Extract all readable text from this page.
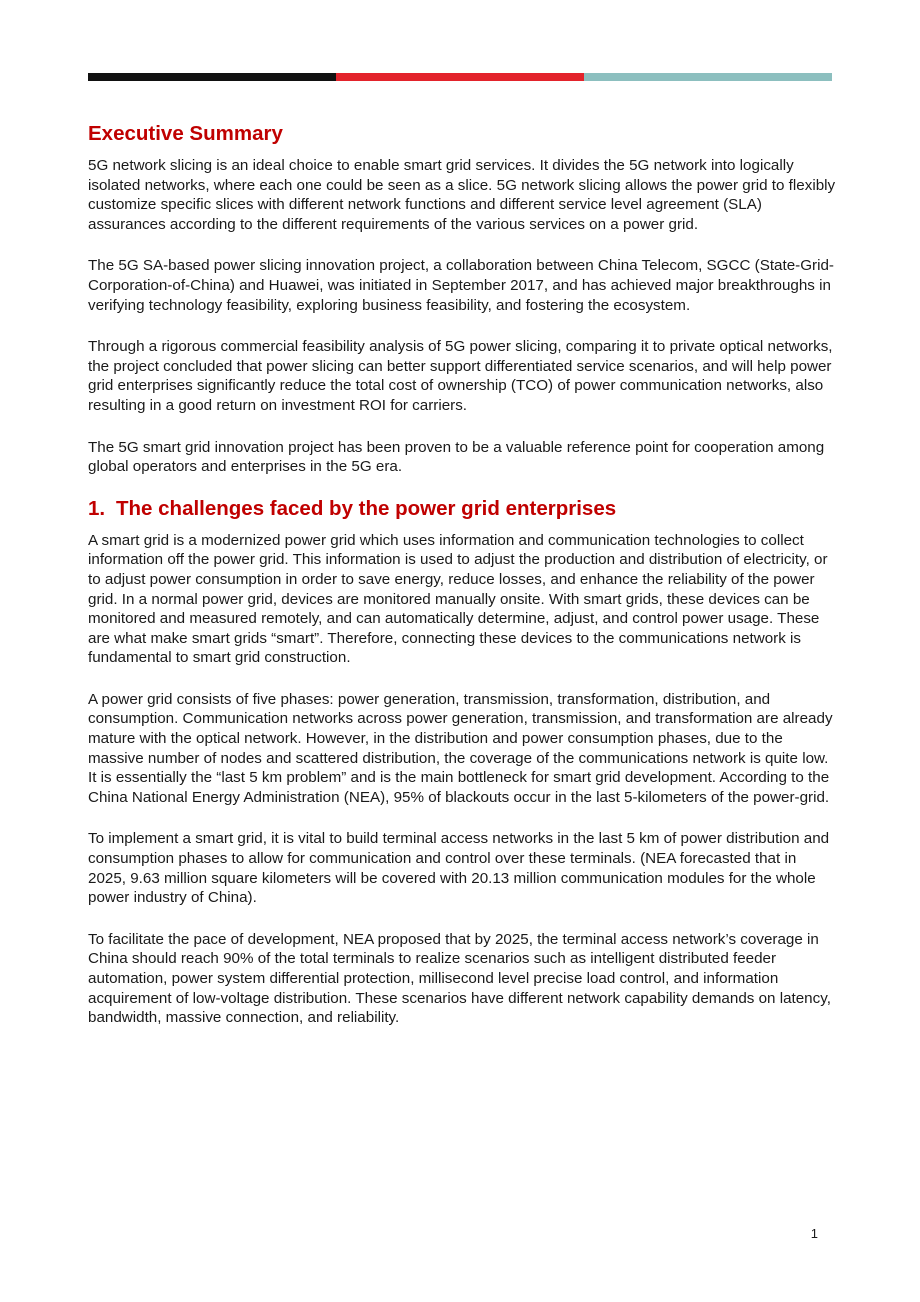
Executive Summary

5G network slicing is an ideal choice to enable smart grid services. It divides the 5G network into logically isolated networks, where each one could be seen as a slice. 5G network slicing allows the power grid to flexibly customize specific slices with different network functions and different service level agreement (SLA) assurances according to the different requirements of the various services on a power grid.

The 5G SA-based power slicing innovation project, a collaboration between China Telecom, SGCC (State-Grid-Corporation-of-China) and Huawei, was initiated in September 2017, and has achieved major breakthroughs in verifying technology feasibility, exploring business feasibility, and fostering the ecosystem.

Through a rigorous commercial feasibility analysis of 5G power slicing, comparing it to private optical networks, the project concluded that power slicing can better support differentiated service scenarios, and will help power grid enterprises significantly reduce the total cost of ownership (TCO) of power communication networks, also resulting in a good return on investment ROI for carriers.

The 5G smart grid innovation project has been proven to be a valuable reference point for cooperation among global operators and enterprises in the 5G era.

1. The challenges faced by the power grid enterprises

A smart grid is a modernized power grid which uses information and communication technologies to collect information off the power grid. This information is used to adjust the production and distribution of electricity, or to adjust power consumption in order to save energy, reduce losses, and enhance the reliability of the power grid. In a normal power grid, devices are monitored manually onsite. With smart grids, these devices can be monitored and measured remotely, and can automatically determine, adjust, and control power usage. These are what make smart grids “smart”. Therefore, connecting these devices to the communications network is fundamental to smart grid construction.

A power grid consists of five phases: power generation, transmission, transformation, distribution, and consumption. Communication networks across power generation, transmission, and transformation are already mature with the optical network. However, in the distribution and power consumption phases, due to the massive number of nodes and scattered distribution, the coverage of the communications network is quite low. It is essentially the “last 5 km problem” and is the main bottleneck for smart grid development. According to the China National Energy Administration (NEA), 95% of blackouts occur in the last 5-kilometers of the power-grid.

To implement a smart grid, it is vital to build terminal access networks in the last 5 km of power distribution and consumption phases to allow for communication and control over these terminals. (NEA forecasted that in 2025, 9.63 million square kilometers will be covered with 20.13 million communication modules for the whole power industry of China).

To facilitate the pace of development, NEA proposed that by 2025, the terminal access network’s coverage in China should reach 90% of the total terminals to realize scenarios such as intelligent distributed feeder automation, power system differential protection, millisecond level precise load control, and information acquirement of low-voltage distribution. These scenarios have different network capability demands on latency, bandwidth, massive connection, and reliability.

1
